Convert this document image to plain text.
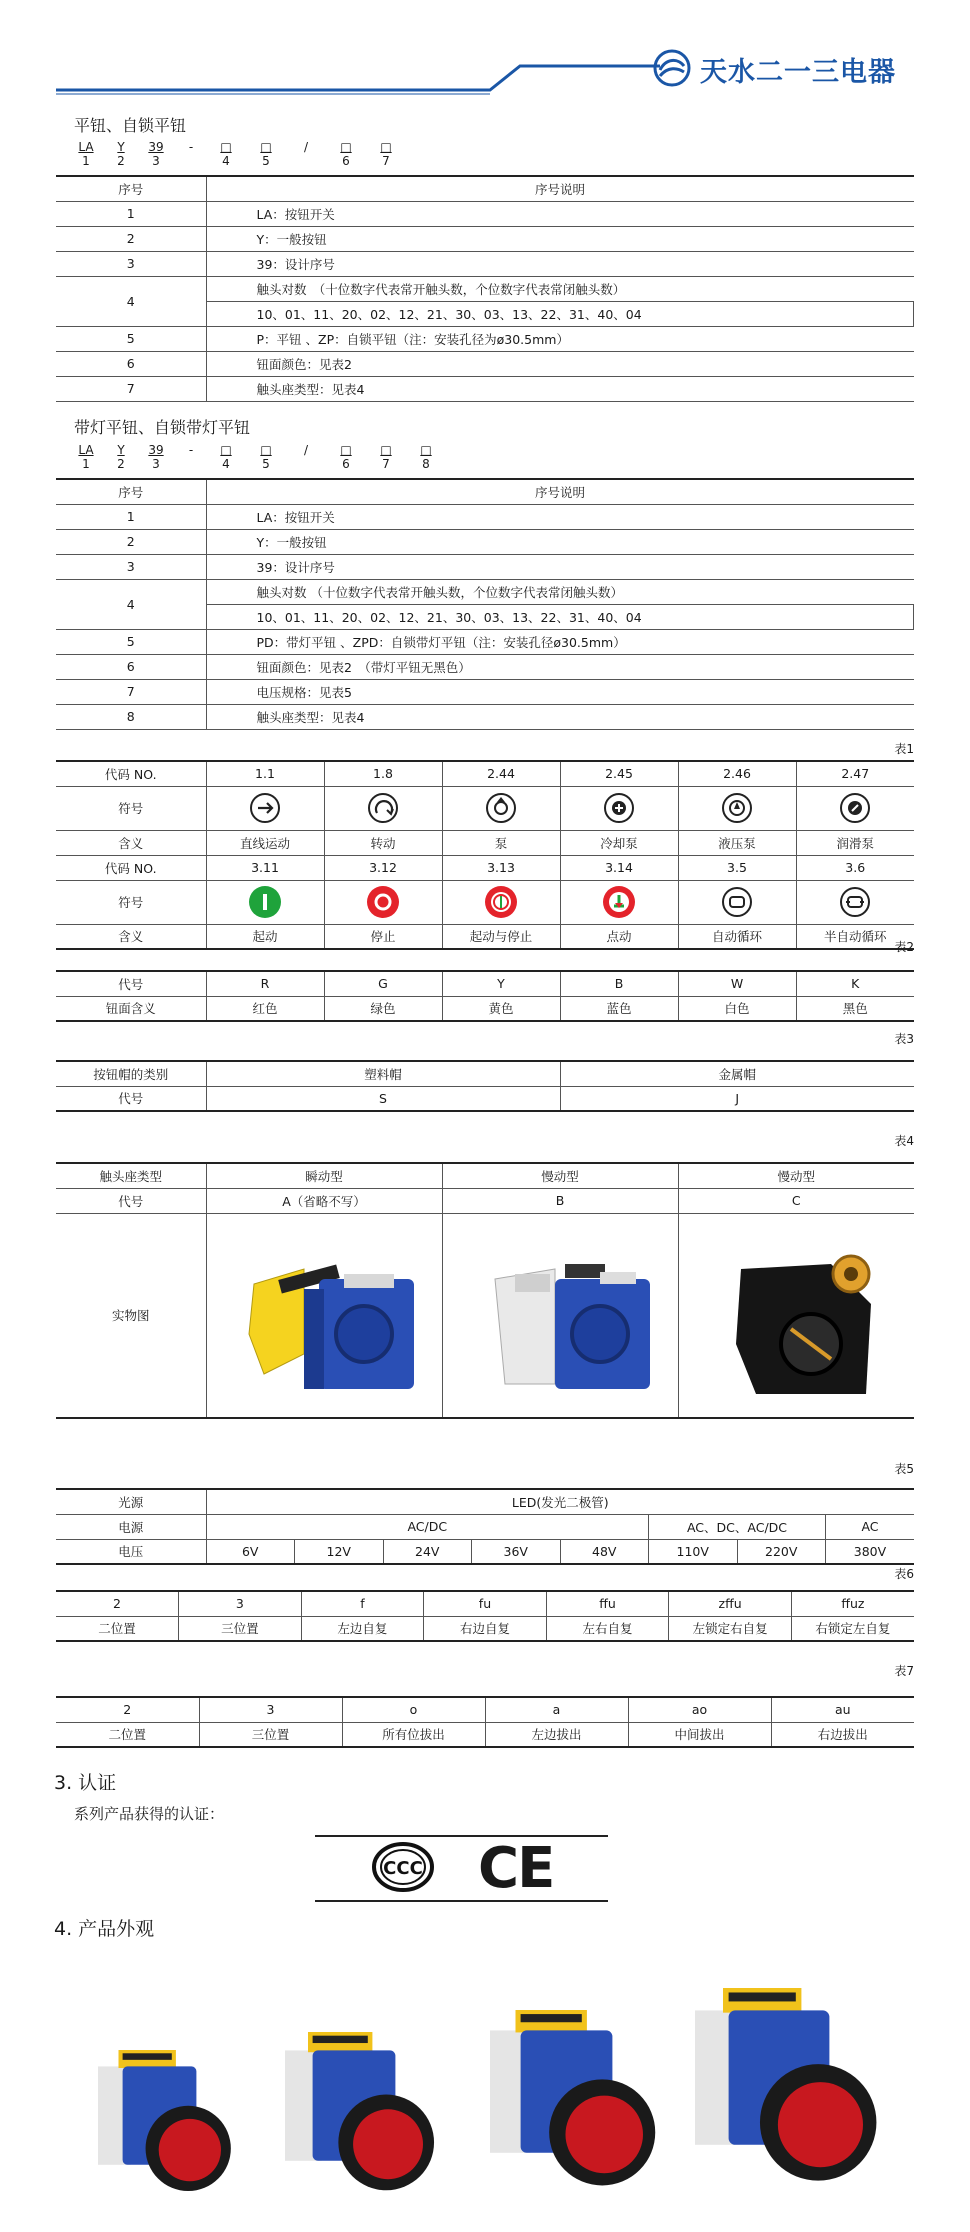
天水二一三电器
平钮、自锁平钮
LA
1
Y
2
39
3
-	□
4
□
5
/	□
6
□
7
序号	序号说明
1	LA：按钮开关
2	Y：一般按钮
3	39：设计序号
4	触头对数　（十位数字代表常开触头数，个位数字代表常闭触头数）
	10、01、11、20、02、12、21、30、03、13、22、31、40、04
5	P：平钮 、ZP：自锁平钮（注：安装孔径为ø30.5mm）
6	钮面颜色：见表2
7	触头座类型：见表4
带灯平钮、自锁带灯平钮
LA
1
Y
2
39
3
-	□
4
□
5
/	□
6
□
7
□
8
序号	序号说明
1	LA：按钮开关
2	Y：一般按钮
3	39：设计序号
4	触头对数 （十位数字代表常开触头数，个位数字代表常闭触头数）
	10、01、11、20、02、12、21、30、03、13、22、31、40、04
5	PD：带灯平钮 、ZPD：自锁带灯平钮（注：安装孔径ø30.5mm）
6	钮面颜色：见表2　（带灯平钮无黑色）
7	电压规格：见表5
8	触头座类型：见表4
表1
代码 NO.	1.1	1.8	2.44	2.45	2.46	2.47
符号	

含义	直线运动	转动	泵	冷却泵	液压泵	润滑泵
代码 NO.	3.11	3.12	3.13	3.14	3.5	3.6
符号	

含义	起动	停止	起动与停止	点动	自动循环	半自动循环
表2
代号	R	G	Y	B	W	K
钮面含义	红色	绿色	黄色	蓝色	白色	黑色
表3
按钮帽的类别	塑料帽	金属帽
代号	S	J
表4
触头座类型	瞬动型	慢动型	慢动型
代号	A（省略不写）	B	C
实物图			
表5
光源	LED(发光二极管)							
电源	AC/DC					AC、DC、AC/DC		AC
电压	6V	12V	24V	36V	48V	110V	220V	380V
表6
2	3	f	fu	ffu	zffu	ffuz
二位置	三位置	左边自复	右边自复	左右自复	左锁定右自复	右锁定左自复
表7
2	3	o	a	ao	au
二位置	三位置	所有位拔出	左边拔出	中间拔出	右边拔出
3. 认证
系列产品获得的认证：
CCC CE
4. 产品外观
